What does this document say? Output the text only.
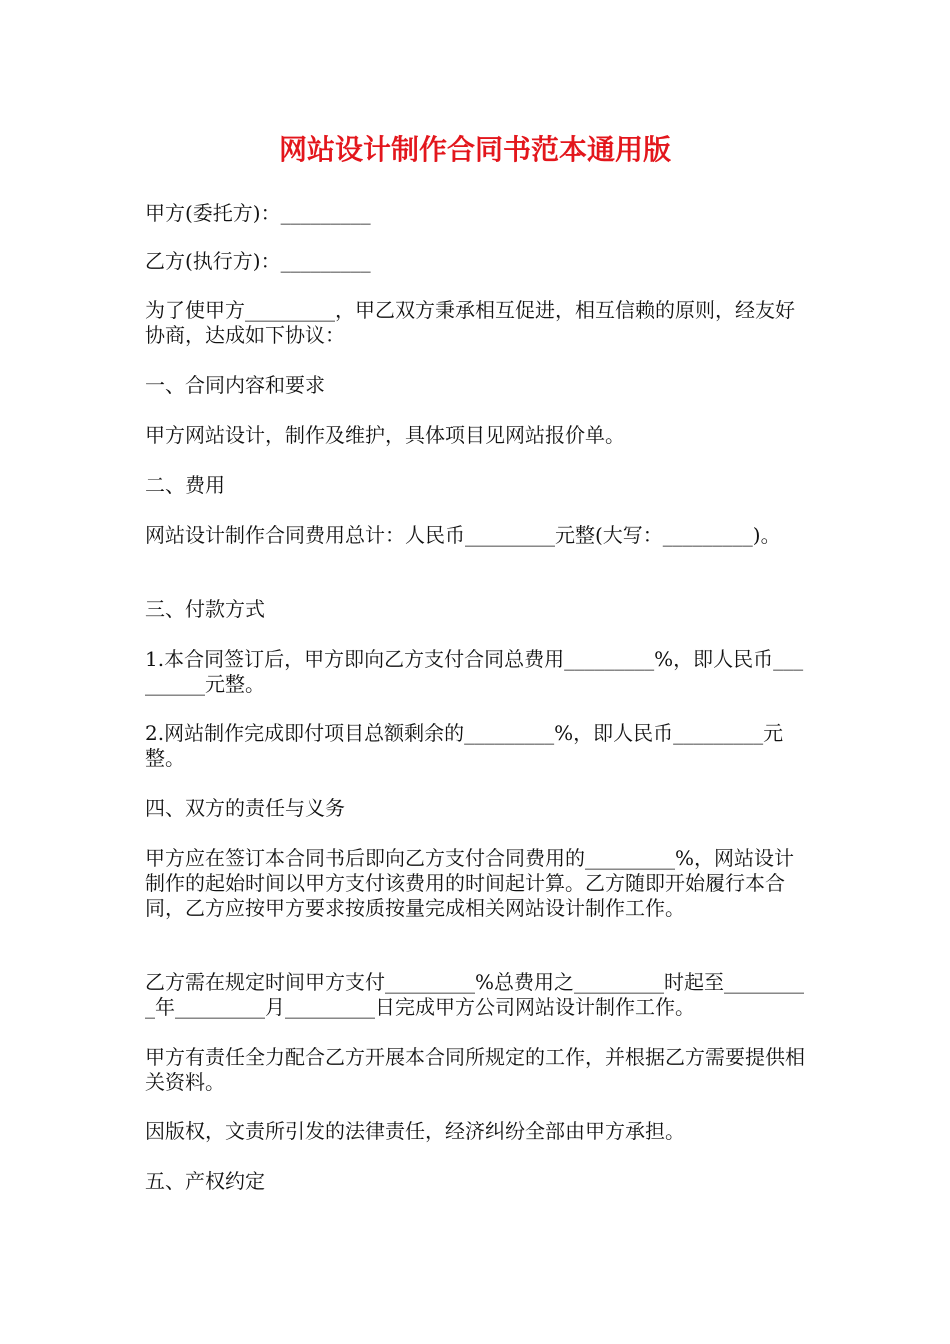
网站设计制作合同书范本通用版

甲方(委托方)：_________

乙方(执行方)：_________

为了使甲方_________，甲乙双方秉承相互促进，相互信赖的原则，经友好协商，达成如下协议：

一、合同内容和要求

甲方网站设计，制作及维护，具体项目见网站报价单。

二、费用

网站设计制作合同费用总计：人民币_________元整(大写：_________)。

三、付款方式

1.本合同签订后，甲方即向乙方支付合同总费用_________%，即人民币_________元整。

2.网站制作完成即付项目总额剩余的_________%，即人民币_________元整。

四、双方的责任与义务

甲方应在签订本合同书后即向乙方支付合同费用的_________%，网站设计制作的起始时间以甲方支付该费用的时间起计算。乙方随即开始履行本合同，乙方应按甲方要求按质按量完成相关网站设计制作工作。

乙方需在规定时间甲方支付_________%总费用之_________时起至_________年_________月_________日完成甲方公司网站设计制作工作。

甲方有责任全力配合乙方开展本合同所规定的工作，并根据乙方需要提供相关资料。

因版权，文责所引发的法律责任，经济纠纷全部由甲方承担。

五、产权约定
